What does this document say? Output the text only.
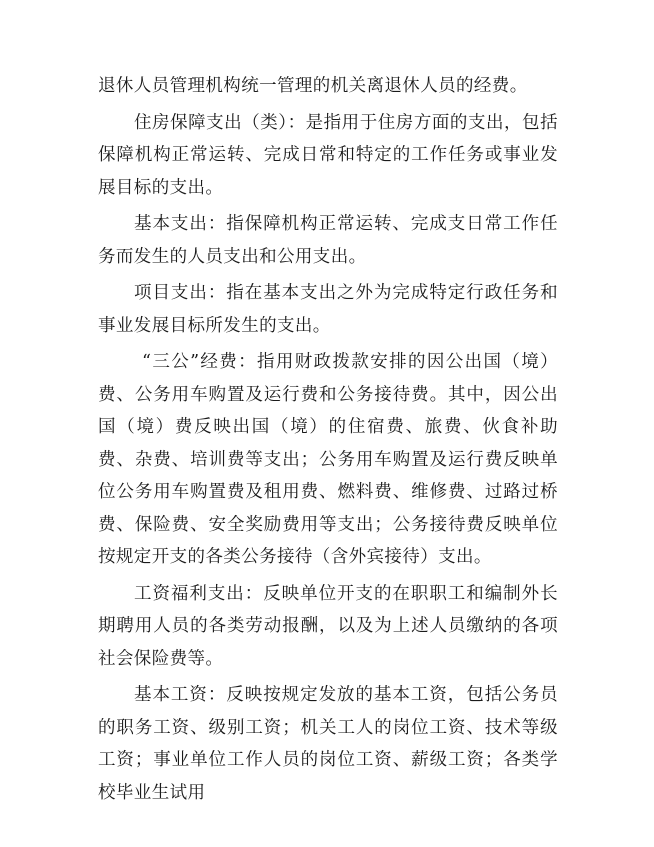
退休人员管理机构统一管理的机关离退休人员的经费。

住房保障支出（类）：是指用于住房方面的支出，包括保障机构正常运转、完成日常和特定的工作任务或事业发展目标的支出。

基本支出：指保障机构正常运转、完成支日常工作任务而发生的人员支出和公用支出。

项目支出：指在基本支出之外为完成特定行政任务和事业发展目标所发生的支出。

“三公”经费：指用财政拨款安排的因公出国（境）费、公务用车购置及运行费和公务接待费。其中，因公出国（境）费反映出国（境）的住宿费、旅费、伙食补助费、杂费、培训费等支出；公务用车购置及运行费反映单位公务用车购置费及租用费、燃料费、维修费、过路过桥费、保险费、安全奖励费用等支出；公务接待费反映单位按规定开支的各类公务接待（含外宾接待）支出。

工资福利支出：反映单位开支的在职职工和编制外长期聘用人员的各类劳动报酬，以及为上述人员缴纳的各项社会保险费等。

基本工资：反映按规定发放的基本工资，包括公务员的职务工资、级别工资；机关工人的岗位工资、技术等级工资；事业单位工作人员的岗位工资、薪级工资；各类学校毕业生试用
